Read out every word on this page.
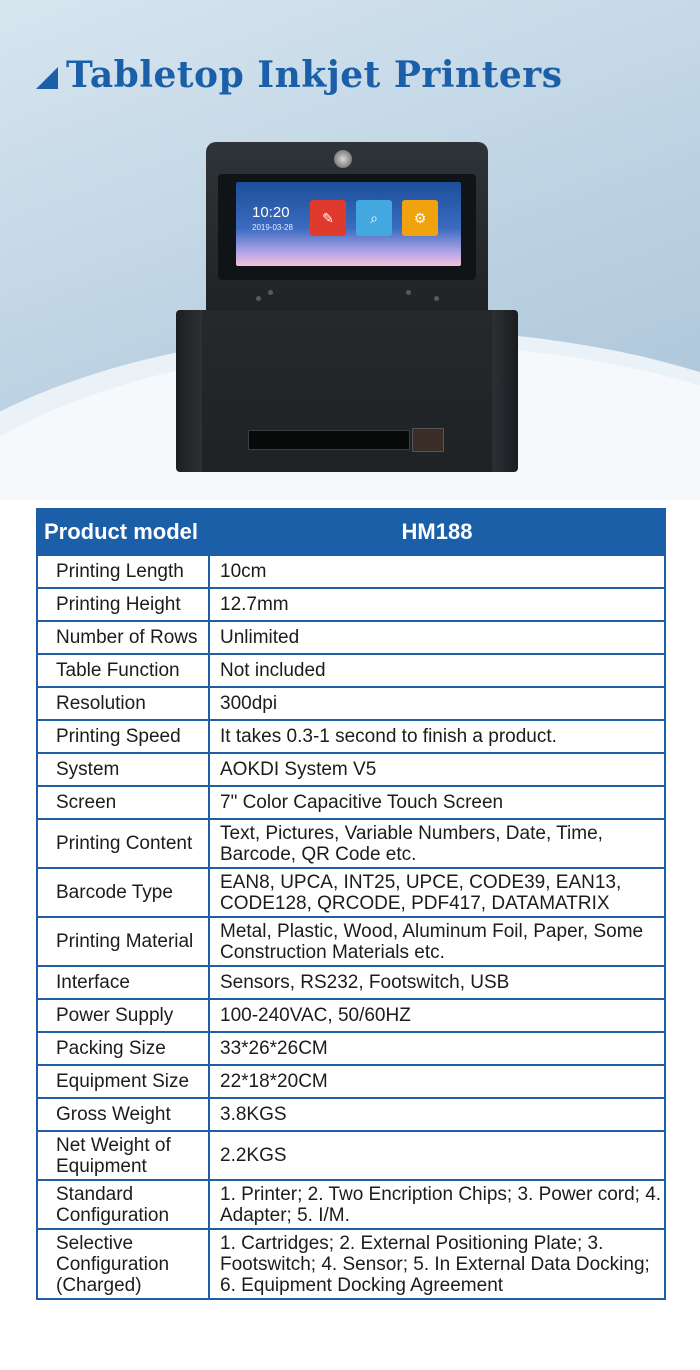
Tabletop Inkjet Printers
10:20
2019-03-28
✎	⌕	⚙
Product model	HM188
Printing Length	10cm
Printing Height	12.7mm
Number of Rows	Unlimited
Table Function	Not included
Resolution	300dpi
Printing Speed	It takes 0.3-1 second to finish a product.
System	AOKDI System V5
Screen	7" Color Capacitive Touch Screen
Printing Content	Text, Pictures, Variable Numbers, Date, Time, Barcode, QR Code etc.
Barcode Type	EAN8, UPCA, INT25, UPCE, CODE39, EAN13, CODE128, QRCODE, PDF417, DATAMATRIX
Printing Material	Metal, Plastic, Wood, Aluminum Foil, Paper, Some Construction Materials etc.
Interface	Sensors, RS232, Footswitch, USB
Power Supply	100-240VAC, 50/60HZ
Packing Size	33*26*26CM
Equipment Size	22*18*20CM
Gross Weight	3.8KGS
Net Weight of Equipment	2.2KGS
Standard Configuration	1. Printer; 2. Two Encription Chips; 3. Power cord; 4. Adapter; 5. I/M.
Selective Configuration (Charged)	1. Cartridges; 2. External Positioning Plate; 3. Footswitch; 4. Sensor; 5. In External Data Docking; 6. Equipment Docking Agreement
